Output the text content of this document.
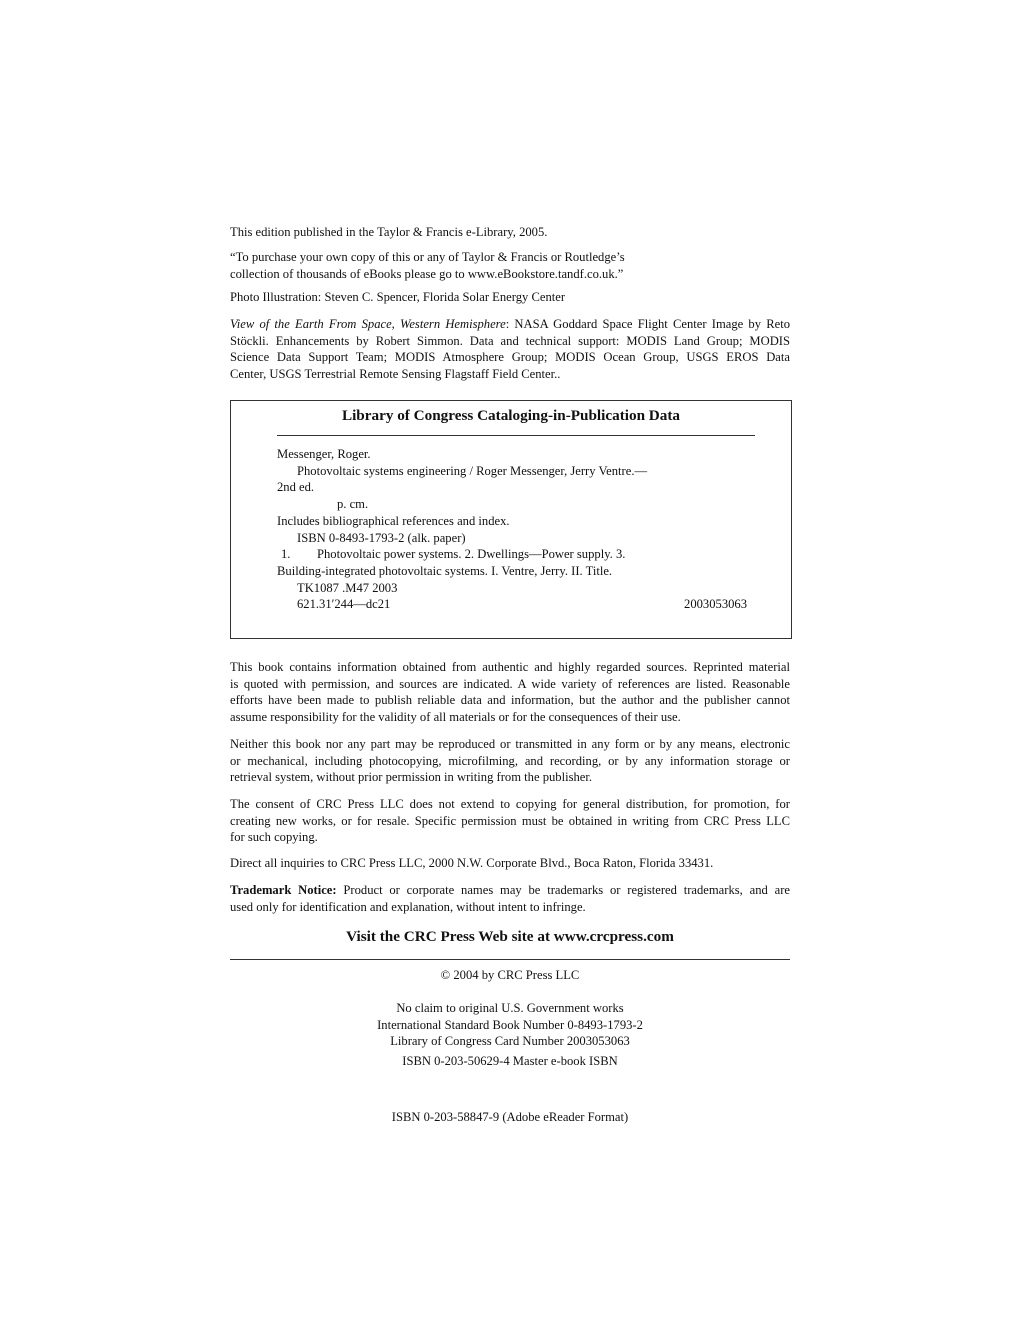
This edition published in the Taylor & Francis e-Library, 2005.
“To purchase your own copy of this or any of Taylor & Francis or Routledge’s
collection of thousands of eBooks please go to www.eBookstore.tandf.co.uk.”
Photo Illustration: Steven C. Spencer, Florida Solar Energy Center
View of the Earth From Space, Western Hemisphere: NASA Goddard Space Flight Center Image by Reto
Stöckli. Enhancements by Robert Simmon. Data and technical support: MODIS Land Group; MODIS
Science Data Support Team; MODIS Atmosphere Group; MODIS Ocean Group, USGS EROS Data
Center, USGS Terrestrial Remote Sensing Flagstaff Field Center..
Library of Congress Cataloging-in-Publication Data
Messenger, Roger.
Photovoltaic systems engineering / Roger Messenger, Jerry Ventre.—
2nd ed.
p. cm.
Includes bibliographical references and index.
ISBN 0-8493-1793-2 (alk. paper)
1. Photovoltaic power systems. 2. Dwellings—Power supply. 3.
Building-integrated photovoltaic systems. I. Ventre, Jerry. II. Title.
TK1087 .M47 2003
621.31′244—dc21	2003053063
This book contains information obtained from authentic and highly regarded sources. Reprinted material
is quoted with permission, and sources are indicated. A wide variety of references are listed. Reasonable
efforts have been made to publish reliable data and information, but the author and the publisher cannot
assume responsibility for the validity of all materials or for the consequences of their use.
Neither this book nor any part may be reproduced or transmitted in any form or by any means, electronic
or mechanical, including photocopying, microfilming, and recording, or by any information storage or
retrieval system, without prior permission in writing from the publisher.
The consent of CRC Press LLC does not extend to copying for general distribution, for promotion, for
creating new works, or for resale. Specific permission must be obtained in writing from CRC Press LLC
for such copying.
Direct all inquiries to CRC Press LLC, 2000 N.W. Corporate Blvd., Boca Raton, Florida 33431.
Trademark Notice: Product or corporate names may be trademarks or registered trademarks, and are
used only for identification and explanation, without intent to infringe.
Visit the CRC Press Web site at www.crcpress.com
© 2004 by CRC Press LLC
No claim to original U.S. Government works
International Standard Book Number 0-8493-1793-2
Library of Congress Card Number 2003053063
ISBN 0-203-50629-4 Master e-book ISBN
ISBN 0-203-58847-9 (Adobe eReader Format)
